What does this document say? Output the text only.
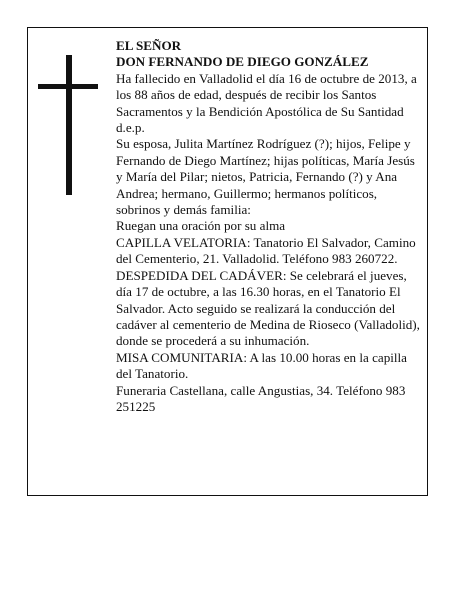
EL SEÑOR

DON FERNANDO DE DIEGO GONZÁLEZ

Ha fallecido en Valladolid el día 16 de octubre de 2013, a los 88 años de edad, después de recibir los Santos Sacramentos y la Bendición Apostólica de Su Santidad d.e.p.

Su esposa, Julita Martínez Rodríguez (?); hijos, Felipe y Fernando de Diego Martínez; hijas políticas, María Jesús y María del Pilar; nietos, Patricia, Fernando (?) y Ana Andrea; hermano, Guillermo; hermanos políticos, sobrinos y demás familia:

Ruegan una oración por su alma

CAPILLA VELATORIA: Tanatorio El Salvador, Camino del Cementerio, 21. Valladolid. Teléfono 983 260722.

DESPEDIDA DEL CADÁVER: Se celebrará el jueves, día 17 de octubre, a las 16.30 horas, en el Tanatorio El Salvador. Acto seguido se realizará la conducción del cadáver al cementerio de Medina de Rioseco (Valladolid), donde se procederá a su inhumación.

MISA COMUNITARIA: A las 10.00 horas en la capilla del Tanatorio.

Funeraria Castellana, calle Angustias, 34. Teléfono 983 251225
